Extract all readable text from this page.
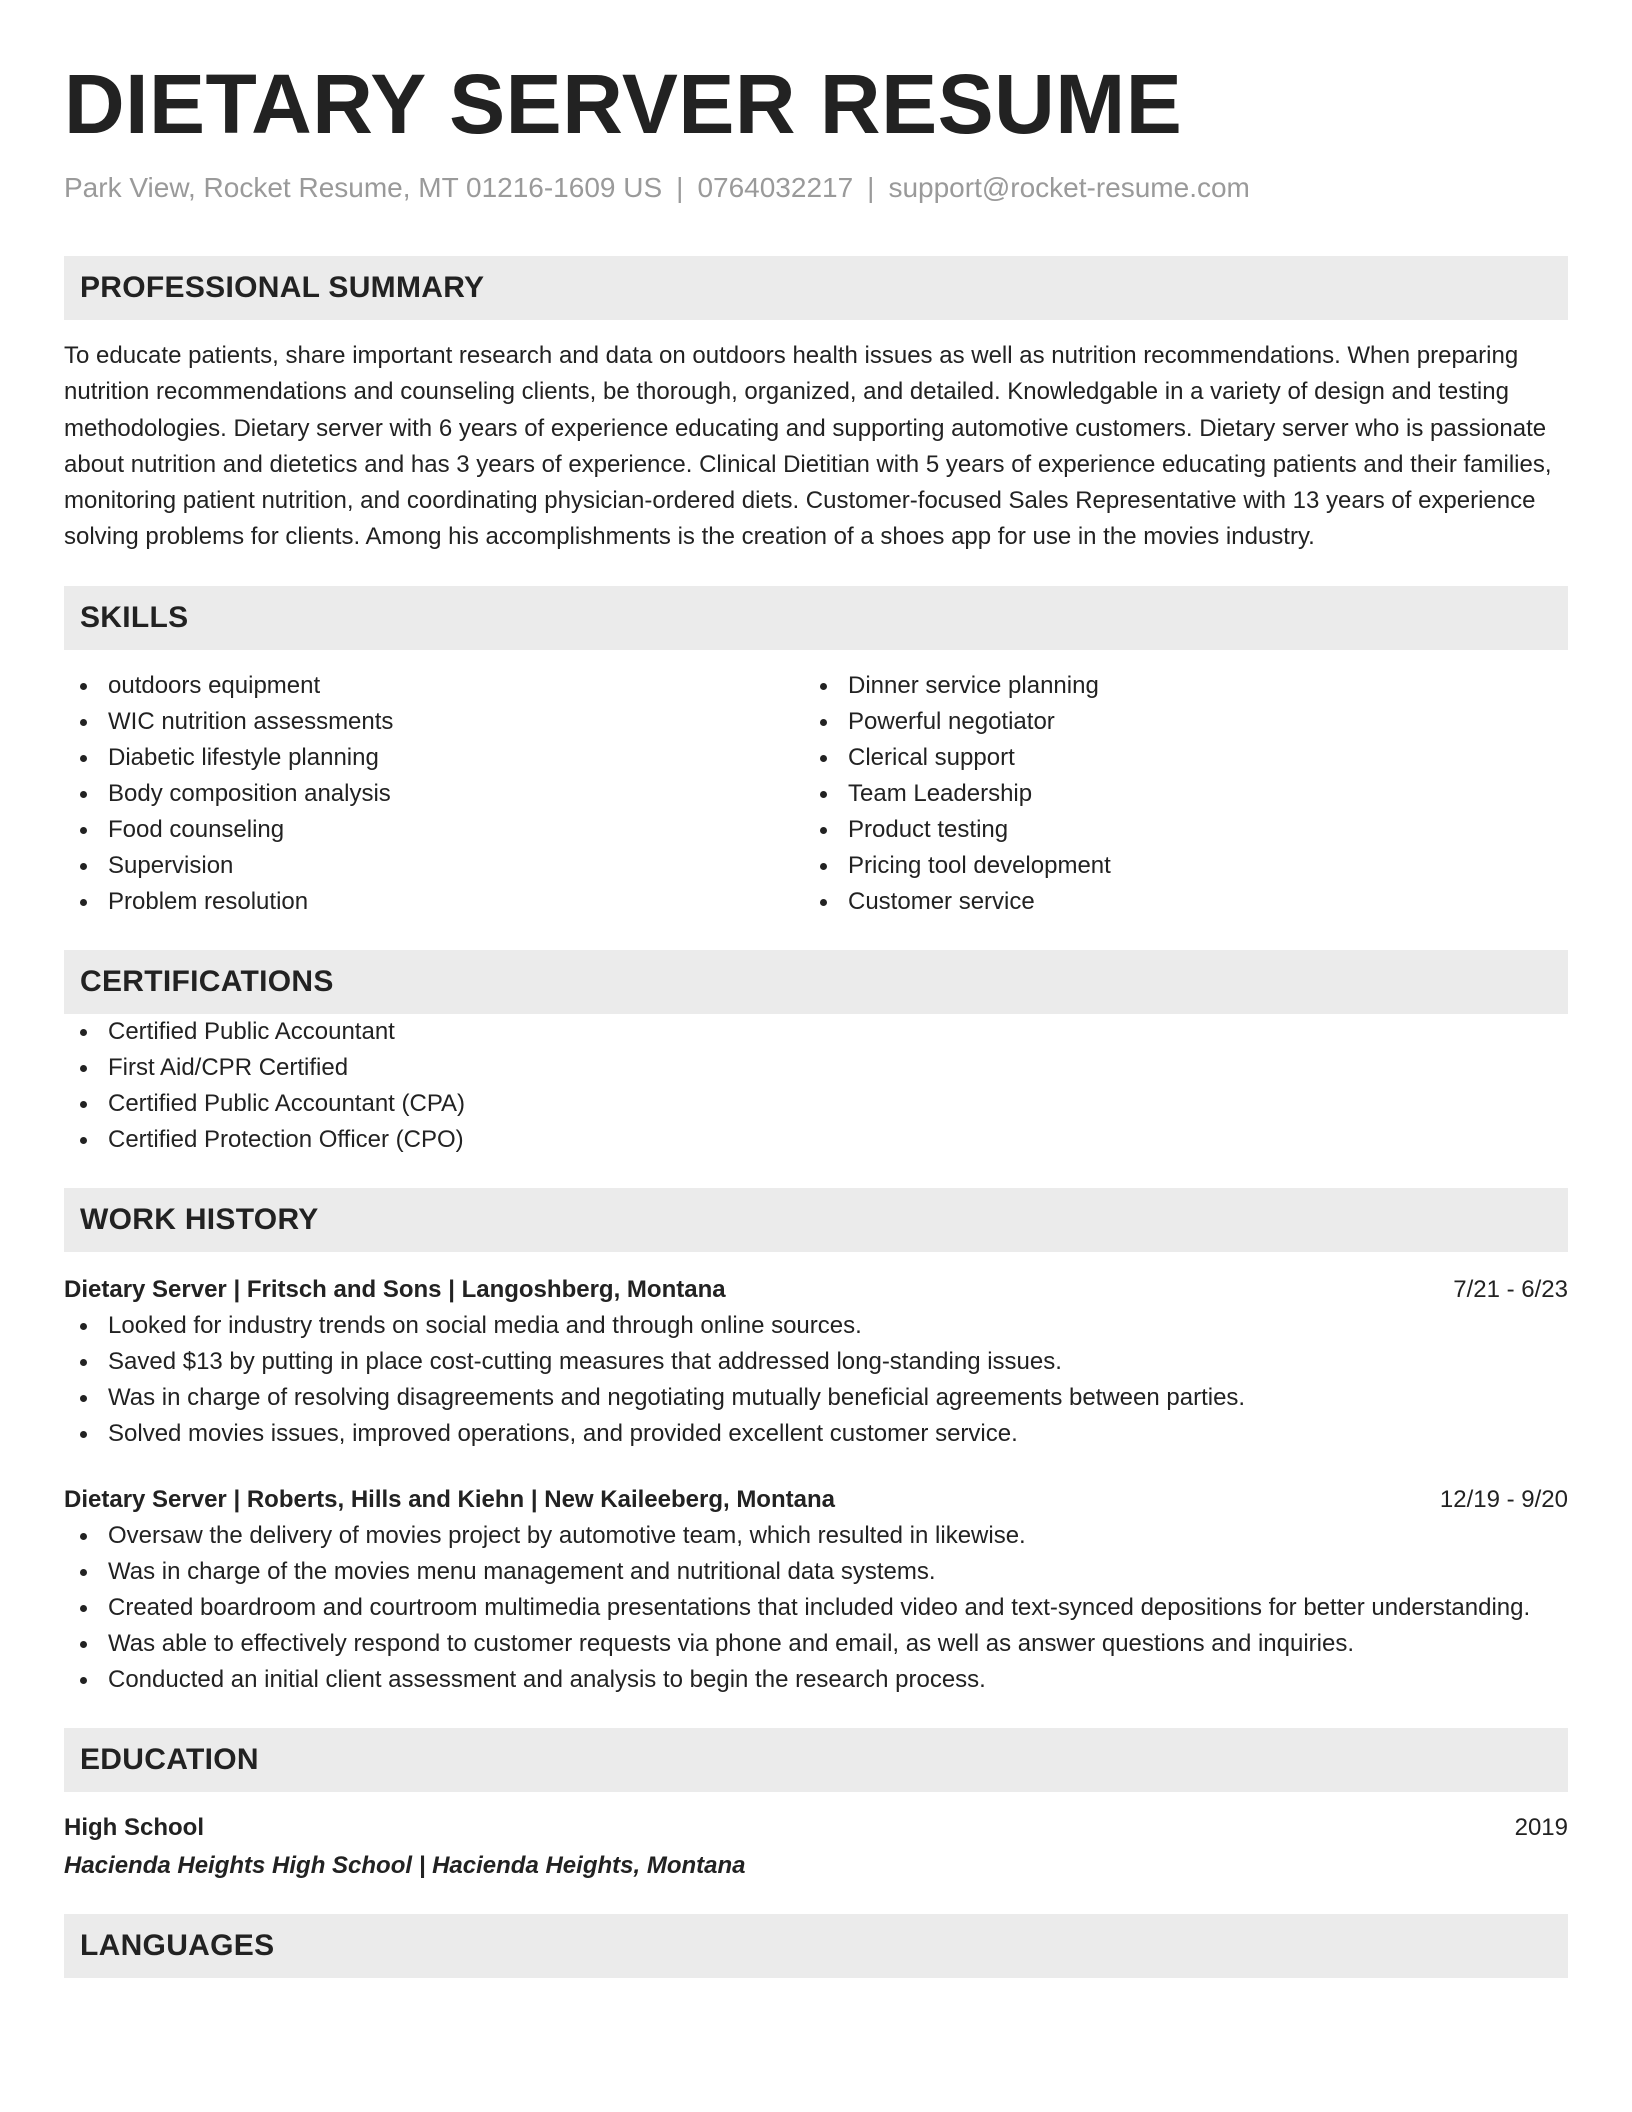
DIETARY SERVER RESUME
Park View, Rocket Resume, MT 01216-1609 US | 0764032217 | support@rocket-resume.com
PROFESSIONAL SUMMARY

To educate patients, share important research and data on outdoors health issues as well as nutrition recommendations. When preparing nutrition recommendations and counseling clients, be thorough, organized, and detailed. Knowledgable in a variety of design and testing methodologies. Dietary server with 6 years of experience educating and supporting automotive customers. Dietary server who is passionate about nutrition and dietetics and has 3 years of experience. Clinical Dietitian with 5 years of experience educating patients and their families, monitoring patient nutrition, and coordinating physician-ordered diets. Customer-focused Sales Representative with 13 years of experience solving problems for clients. Among his accomplishments is the creation of a shoes app for use in the movies industry.

SKILLS
outdoors equipment
WIC nutrition assessments
Diabetic lifestyle planning
Body composition analysis
Food counseling
Supervision
Problem resolution
Dinner service planning
Powerful negotiator
Clerical support
Team Leadership
Product testing
Pricing tool development
Customer service
CERTIFICATIONS
Certified Public Accountant
First Aid/CPR Certified
Certified Public Accountant (CPA)
Certified Protection Officer (CPO)
WORK HISTORY
Dietary Server | Fritsch and Sons | Langoshberg, Montana	7/21 - 6/23
Looked for industry trends on social media and through online sources.
Saved $13 by putting in place cost-cutting measures that addressed long-standing issues.
Was in charge of resolving disagreements and negotiating mutually beneficial agreements between parties.
Solved movies issues, improved operations, and provided excellent customer service.
Dietary Server | Roberts, Hills and Kiehn | New Kaileeberg, Montana	12/19 - 9/20
Oversaw the delivery of movies project by automotive team, which resulted in likewise.
Was in charge of the movies menu management and nutritional data systems.
Created boardroom and courtroom multimedia presentations that included video and text-synced depositions for better understanding.
Was able to effectively respond to customer requests via phone and email, as well as answer questions and inquiries.
Conducted an initial client assessment and analysis to begin the research process.
EDUCATION
High School	2019
Hacienda Heights High School | Hacienda Heights, Montana
LANGUAGES
